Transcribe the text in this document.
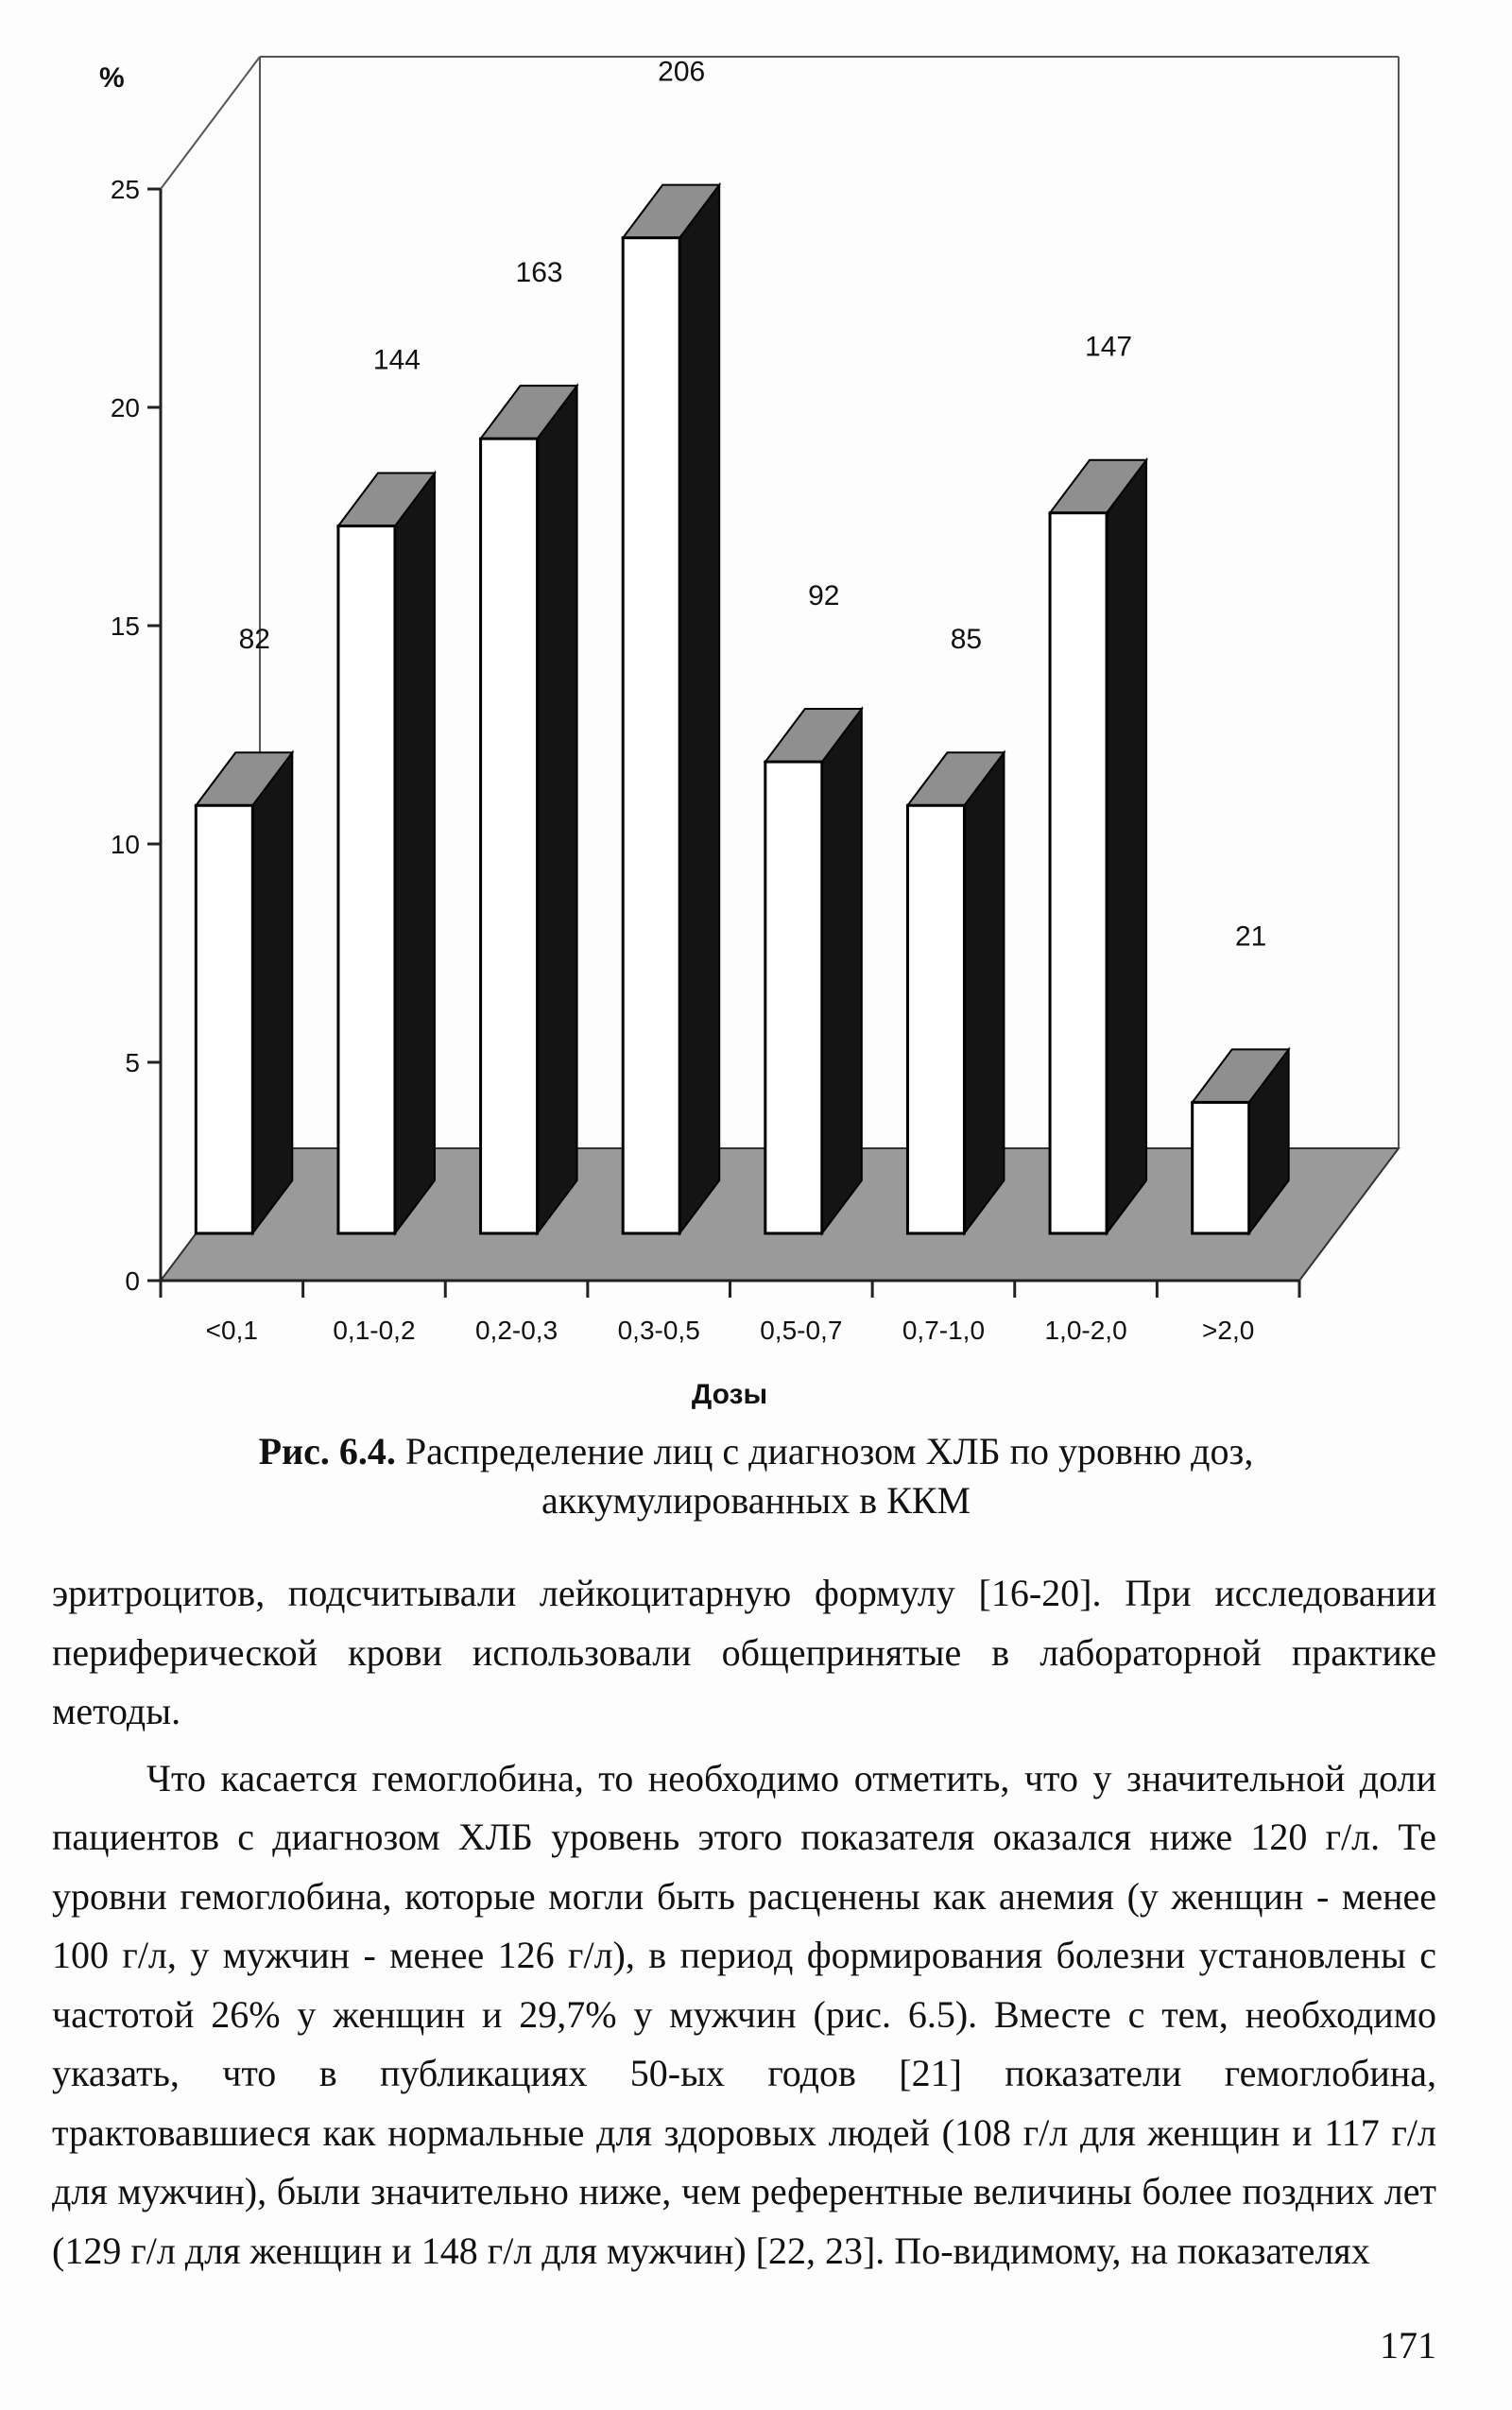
0
5
10
15
20
25
<0,1	0,1-0,2 0,2-0,3 0,3-0,5 0,5-0,7 0,7-1,0 1,0-2,0	>2,0
82
144
163
206
92
85
147
21
%
Дозы
Рис. 6.4. Распределение лиц с диагнозом ХЛБ по уровню доз,
аккумулированных в ККМ

эритроцитов, подсчитывали лейкоцитарную формулу [16-20]. При исследовании периферической крови использовали общепринятые в лабораторной практике методы.

Что касается гемоглобина, то необходимо отметить, что у значительной доли пациентов с диагнозом ХЛБ уровень этого показателя оказался ниже 120 г/л. Те уровни гемоглобина, которые могли быть расценены как анемия (у женщин - менее 100 г/л, у мужчин - менее 126 г/л), в период формирования болезни установлены с частотой 26% у женщин и 29,7% у мужчин (рис. 6.5). Вместе с тем, необходимо указать, что в публикациях 50-ых годов [21] показатели гемоглобина, трактовавшиеся как нормальные для здоровых людей (108 г/л для женщин и 117 г/л для мужчин), были значительно ниже, чем референтные величины более поздних лет (129 г/л для женщин и 148 г/л для мужчин) [22, 23]. По-видимому, на показателях

171
